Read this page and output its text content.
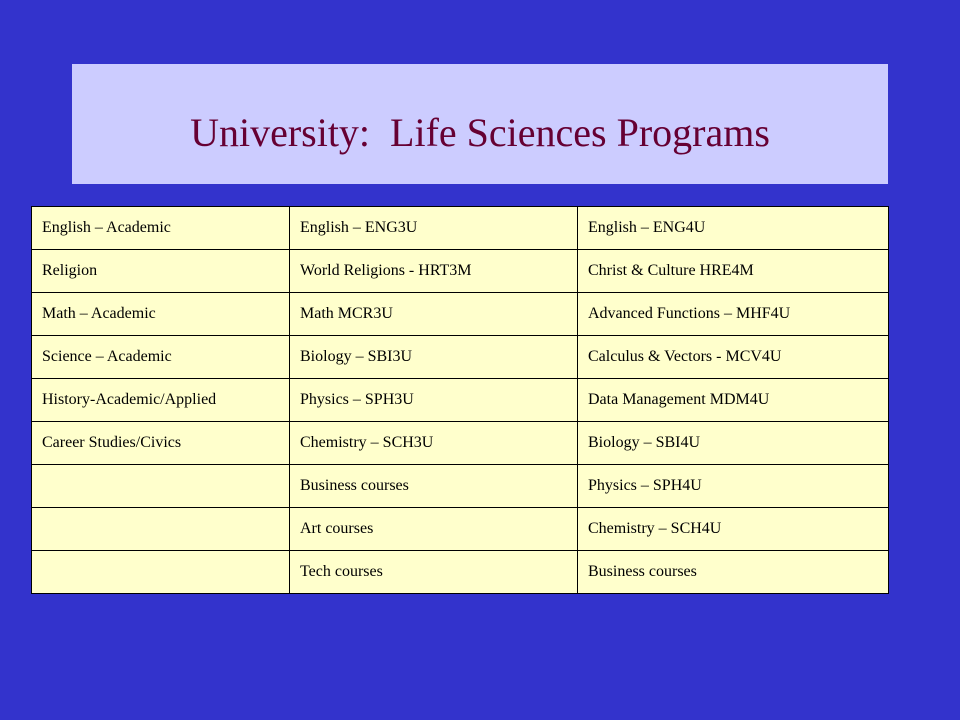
University:  Life Sciences Programs
English – Academic	English – ENG3U	English – ENG4U
Religion	World Religions - HRT3M	Christ & Culture HRE4M
Math – Academic	Math MCR3U	Advanced Functions – MHF4U
Science – Academic	Biology – SBI3U	Calculus & Vectors - MCV4U
History-Academic/Applied	Physics – SPH3U	Data Management MDM4U
Career Studies/Civics	Chemistry – SCH3U	Biology – SBI4U
	Business courses	Physics – SPH4U
	Art courses	Chemistry – SCH4U
	Tech courses	Business courses
